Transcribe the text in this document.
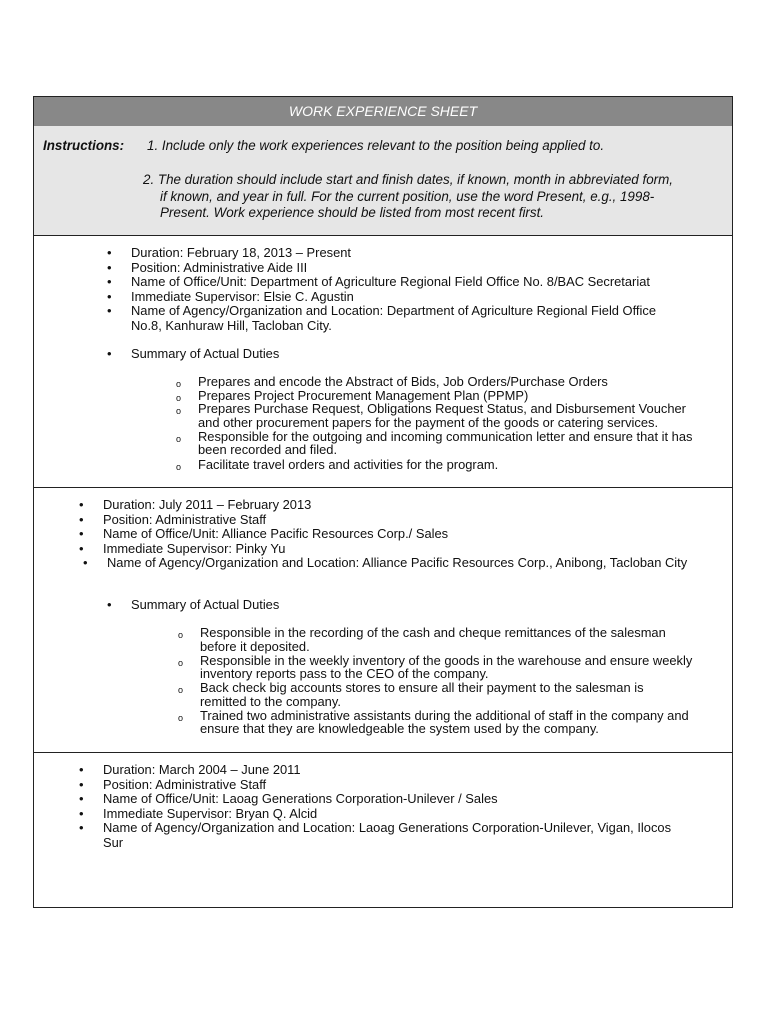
WORK EXPERIENCE SHEET
Instructions: 1. Include only the work experiences relevant to the position being applied to.
2. The duration should include start and finish dates, if known, month in abbreviated form,
if known, and year in full. For the current position, use the word Present, e.g., 1998-
Present. Work experience should be listed from most recent first.
• Duration: February 18, 2013 – Present
• Position: Administrative Aide III
• Name of Office/Unit: Department of Agriculture Regional Field Office No. 8/BAC Secretariat
• Immediate Supervisor: Elsie C. Agustin
• Name of Agency/Organization and Location: Department of Agriculture Regional Field Office
No.8, Kanhuraw Hill, Tacloban City.
• Summary of Actual Duties
o Prepares and encode the Abstract of Bids, Job Orders/Purchase Orders
o Prepares Project Procurement Management Plan (PPMP)
o Prepares Purchase Request, Obligations Request Status, and Disbursement Voucher
and other procurement papers for the payment of the goods or catering services.
o Responsible for the outgoing and incoming communication letter and ensure that it has
been recorded and filed.
o Facilitate travel orders and activities for the program.
• Duration: July 2011 – February 2013
• Position: Administrative Staff
• Name of Office/Unit: Alliance Pacific Resources Corp./ Sales
• Immediate Supervisor: Pinky Yu
• Name of Agency/Organization and Location: Alliance Pacific Resources Corp., Anibong, Tacloban City
• Summary of Actual Duties
o Responsible in the recording of the cash and cheque remittances of the salesman
before it deposited.
o Responsible in the weekly inventory of the goods in the warehouse and ensure weekly
inventory reports pass to the CEO of the company.
o Back check big accounts stores to ensure all their payment to the salesman is
remitted to the company.
o Trained two administrative assistants during the additional of staff in the company and
ensure that they are knowledgeable the system used by the company.
• Duration: March 2004 – June 2011
• Position: Administrative Staff
• Name of Office/Unit: Laoag Generations Corporation-Unilever / Sales
• Immediate Supervisor: Bryan Q. Alcid
• Name of Agency/Organization and Location: Laoag Generations Corporation-Unilever, Vigan, Ilocos
Sur
